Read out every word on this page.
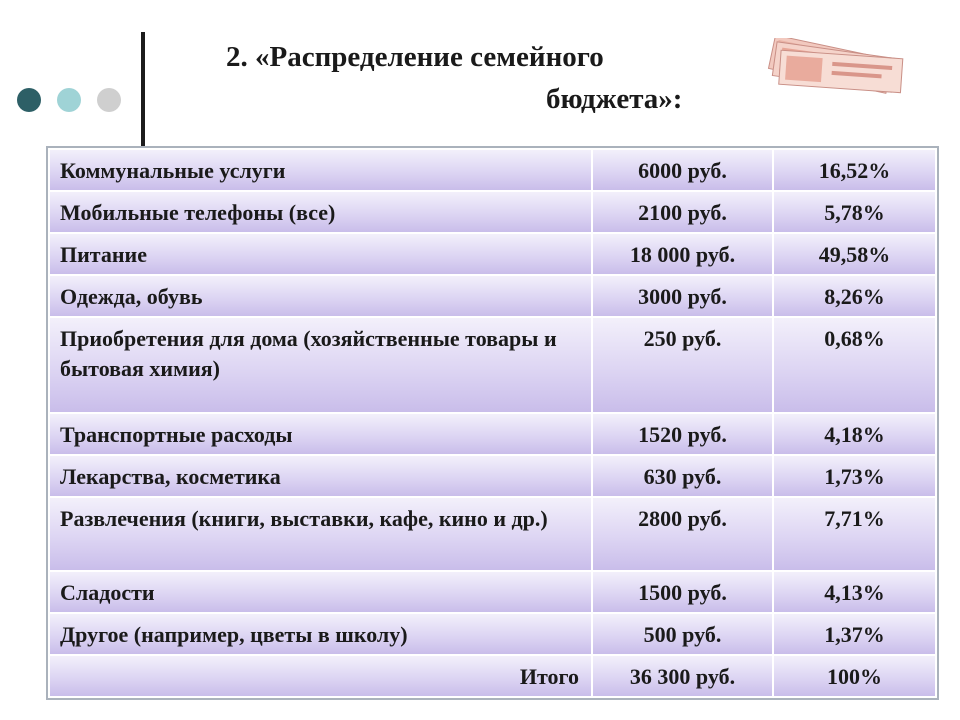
2. «Распределение семейного
бюджета»:
Коммунальные услуги	6000 руб.	16,52%
Мобильные телефоны (все)	2100 руб.	5,78%
Питание	18 000 руб.	49,58%
Одежда, обувь	3000 руб.	8,26%
Приобретения для дома (хозяйственные товары и бытовая химия)	250 руб.	0,68%
Транспортные расходы	1520 руб.	4,18%
Лекарства, косметика	630 руб.	1,73%
Развлечения (книги, выставки, кафе, кино и др.)	2800 руб.	7,71%
Сладости	1500 руб.	4,13%
Другое (например, цветы в школу)	500 руб.	1,37%
Итого	36 300 руб.	100%
